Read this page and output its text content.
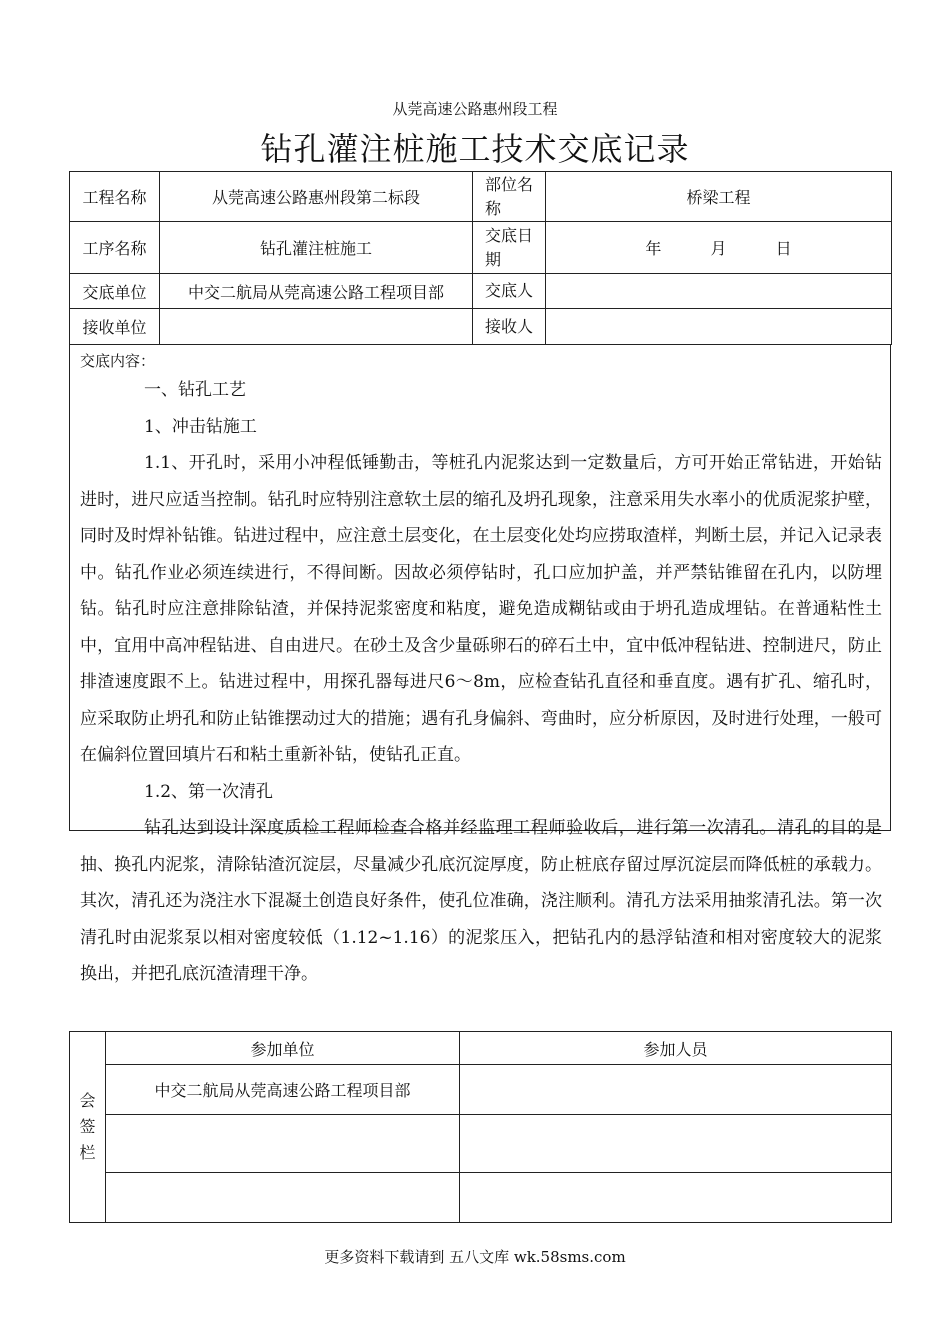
从莞高速公路惠州段工程
钻孔灌注桩施工技术交底记录
工程名称	从莞高速公路惠州段第二标段	部位名称	桥梁工程
工序名称	钻孔灌注桩施工	交底日期	年 月 日
交底单位	中交二航局从莞高速公路工程项目部	交底人	
接收单位		接收人	
交底内容：

一、钻孔工艺

1、冲击钻施工

1.1、开孔时，采用小冲程低锤勤击，等桩孔内泥浆达到一定数量后，方可开始正常钻进，开始钻进时，进尺应适当控制。钻孔时应特别注意软土层的缩孔及坍孔现象，注意采用失水率小的优质泥浆护壁，同时及时焊补钻锥。钻进过程中，应注意土层变化，在土层变化处均应捞取渣样，判断土层，并记入记录表中。钻孔作业必须连续进行，不得间断。因故必须停钻时，孔口应加护盖，并严禁钻锥留在孔内，以防埋钻。钻孔时应注意排除钻渣，并保持泥浆密度和粘度，避免造成糊钻或由于坍孔造成埋钻。在普通粘性土中，宜用中高冲程钻进、自由进尺。在砂土及含少量砾卵石的碎石土中，宜中低冲程钻进、控制进尺，防止排渣速度跟不上。钻进过程中，用探孔器每进尺6～8m，应检查钻孔直径和垂直度。遇有扩孔、缩孔时，应采取防止坍孔和防止钻锥摆动过大的措施；遇有孔身偏斜、弯曲时，应分析原因，及时进行处理，一般可在偏斜位置回填片石和粘土重新补钻，使钻孔正直。

1.2、第一次清孔

钻孔达到设计深度质检工程师检查合格并经监理工程师验收后，进行第一次清孔。清孔的目的是抽、换孔内泥浆，清除钻渣沉淀层，尽量减少孔底沉淀厚度，防止桩底存留过厚沉淀层而降低桩的承载力。其次，清孔还为浇注水下混凝土创造良好条件，使孔位准确，浇注顺利。清孔方法采用抽浆清孔法。第一次清孔时由泥浆泵以相对密度较低（1.12~1.16）的泥浆压入，把钻孔内的悬浮钻渣和相对密度较大的泥浆换出，并把孔底沉渣清理干净。

会签栏	参加单位	参加人员
	中交二航局从莞高速公路工程项目部	

更多资料下载请到 五八文库 wk.58sms.com
